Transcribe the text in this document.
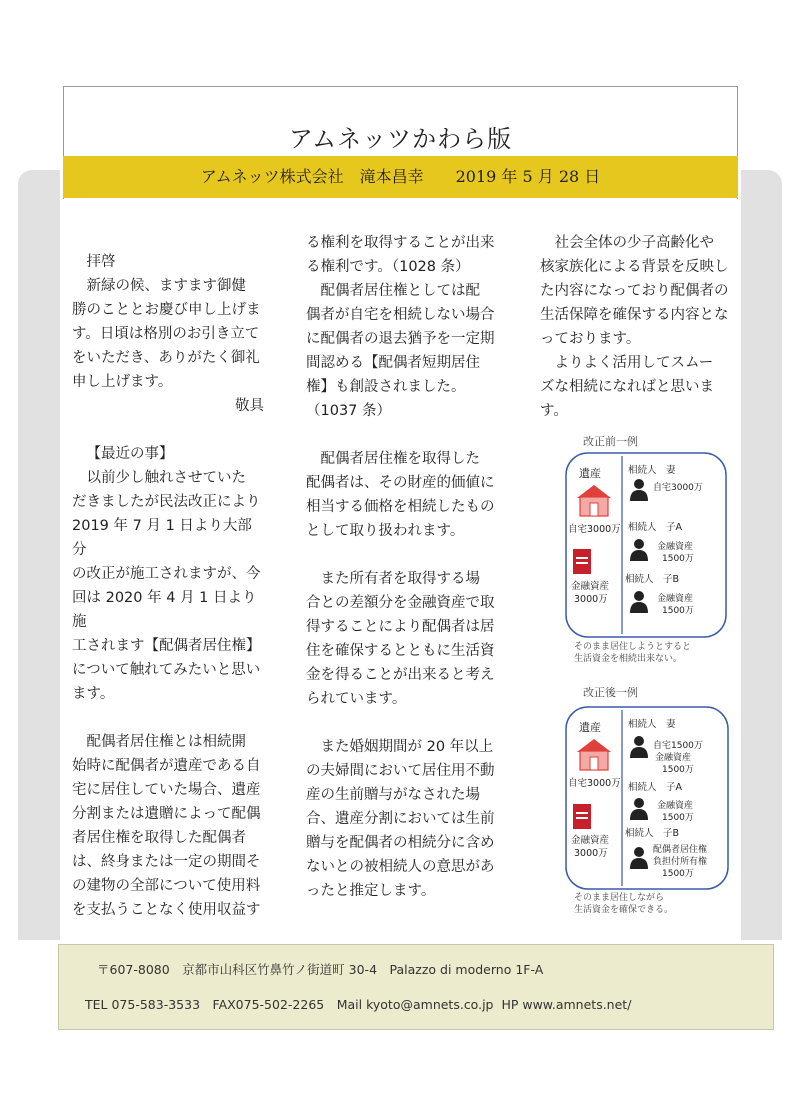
アムネッツかわら版
アムネッツ株式会社　滝本昌幸　　2019 年 5 月 28 日

拝啓

新緑の候、ますます御健

勝のこととお慶び申し上げま

す。日頃は格別のお引き立て

をいただき、ありがたく御礼

申し上げます。

敬具

【最近の事】

以前少し触れさせていた

だきましたが民法改正により

2019 年 7 月 1 日より大部分

の改正が施工されますが、今

回は 2020 年 4 月 1 日より施

工されます【配偶者居住権】

について触れてみたいと思い

ます。

配偶者居住権とは相続開

始時に配偶者が遺産である自

宅に居住していた場合、遺産

分割または遺贈によって配偶

者居住権を取得した配偶者

は、終身または一定の期間そ

の建物の全部について使用料

を支払うことなく使用収益す

る権利を取得することが出来

る権利です。（1028 条）

配偶者居住権としては配

偶者が自宅を相続しない場合

に配偶者の退去猶予を一定期

間認める【配偶者短期居住

権】も創設されました。

（1037 条）

配偶者居住権を取得した

配偶者は、その財産的価値に

相当する価格を相続したもの

として取り扱われます。

また所有者を取得する場

合との差額分を金融資産で取

得することにより配偶者は居

住を確保するとともに生活資

金を得ることが出来ると考え

られています。

また婚姻期間が 20 年以上

の夫婦間において居住用不動

産の生前贈与がなされた場

合、遺産分割においては生前

贈与を配偶者の相続分に含め

ないとの被相続人の意思があ

ったと推定します。

社会全体の少子高齢化や

核家族化による背景を反映し

た内容になっており配偶者の

生活保障を確保する内容とな

っております。

よりよく活用してスムー

ズな相続になればと思いま

す。

改正前一例
遺産
自宅3000万
金融資産
3000万
相続人　妻
自宅3000万
相続人　子A
金融資産
1500万
相続人　子B
金融資産
1500万
そのまま居住しようとすると
生活資金を相続出来ない。
改正後一例
遺産
自宅3000万
金融資産
3000万
相続人　妻
自宅1500万
金融資産
1500万
相続人　子A
金融資産
1500万
相続人　子B
配偶者居住権
負担付所有権
1500万
そのまま居住しながら
生活資金を確保できる。
〒607-8080　京都市山科区竹鼻竹ノ街道町 30-4　Palazzo di moderno 1F-A
TEL 075-583-3533　FAX075-502-2265　Mail kyoto@amnets.co.jp  HP www.amnets.net/
